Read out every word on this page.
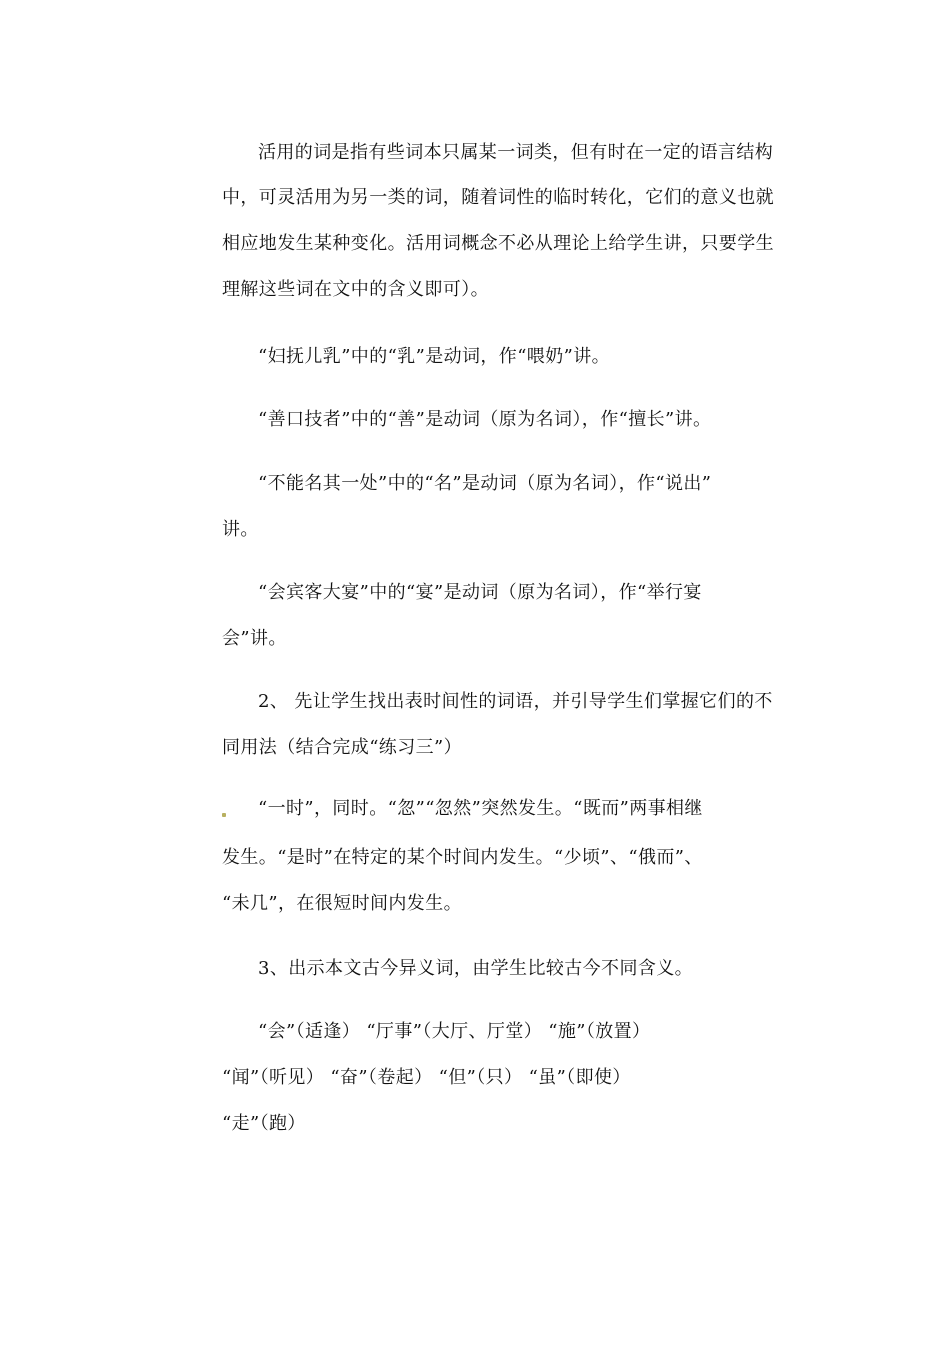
活用的词是指有些词本只属某一词类，但有时在一定的语言结构
中，可灵活用为另一类的词，随着词性的临时转化，它们的意义也就
相应地发生某种变化。活用词概念不必从理论上给学生讲，只要学生
理解这些词在文中的含义即可）。
“妇抚儿乳”中的“乳”是动词，作“喂奶”讲。
“善口技者”中的“善”是动词（原为名词），作“擅长”讲。
“不能名其一处”中的“名”是动词（原为名词），作“说出”
讲。
“会宾客大宴”中的“宴”是动词（原为名词），作“举行宴
会”讲。
2、 先让学生找出表时间性的词语，并引导学生们掌握它们的不
同用法（结合完成“练习三”）
“一时”，同时。“忽”“忽然”突然发生。“既而”两事相继
发生。“是时”在特定的某个时间内发生。“少顷”、“俄而”、
“未几”，在很短时间内发生。
3、出示本文古今异义词，由学生比较古今不同含义。
“会”（适逢） “厅事”（大厅、厅堂） “施”（放置）
“闻”（听见） “奋”（卷起） “但”（只） “虽”（即使）
“走”（跑）
